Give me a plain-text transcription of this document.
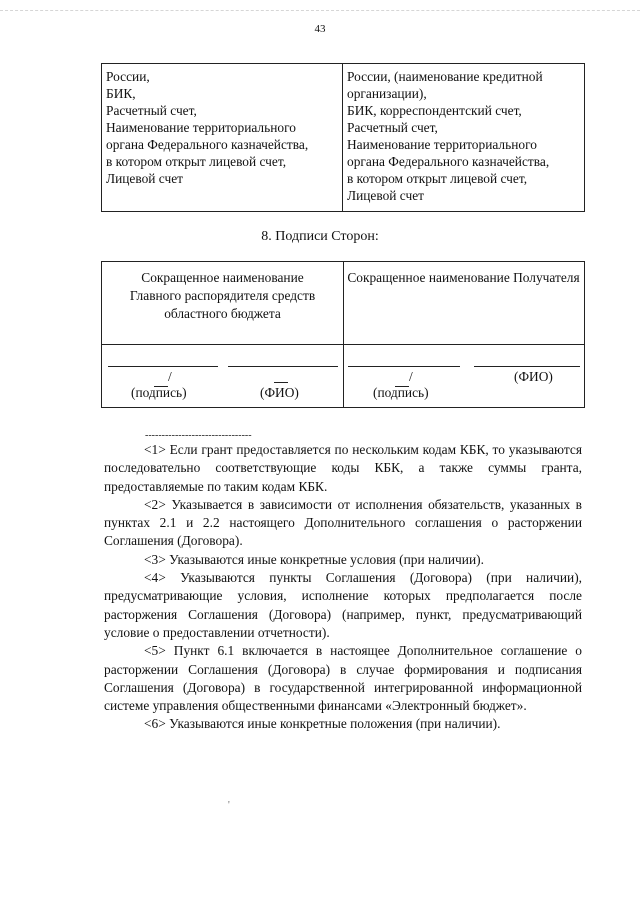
43
России,
БИК,
Расчетный счет,
Наименование территориального
органа Федерального казначейства,
в котором открыт лицевой счет,
Лицевой счет
России, (наименование кредитной
организации),
БИК, корреспондентский счет,
Расчетный счет,
Наименование территориального
органа Федерального казначейства,
в котором открыт лицевой счет,
Лицевой счет
8. Подписи Сторон:
Сокращенное наименование
Главного распорядителя средств
областного бюджета
Сокращенное наименование Получателя
/
(подпись)	(ФИО)
/
(подпись)
(ФИО)
--------------------------------

<1> Если грант предоставляется по нескольким кодам КБК, то указываются последовательно соответствующие коды КБК, а также суммы гранта, предоставляемые по таким кодам КБК.

<2> Указывается в зависимости от исполнения обязательств, указанных в пунктах 2.1 и 2.2 настоящего Дополнительного соглашения о расторжении Соглашения (Договора).

<3> Указываются иные конкретные условия (при наличии).

<4> Указываются пункты Соглашения (Договора) (при наличии), предусматривающие условия, исполнение которых предполагается после расторжения Соглашения (Договора) (например, пункт, предусматривающий условие о предоставлении отчетности).

<5> Пункт 6.1 включается в настоящее Дополнительное соглашение о расторжении Соглашения (Договора) в случае формирования и подписания Соглашения (Договора) в государственной интегрированной информационной системе управления общественными финансами «Электронный бюджет».

<6> Указываются иные конкретные положения (при наличии).

'
